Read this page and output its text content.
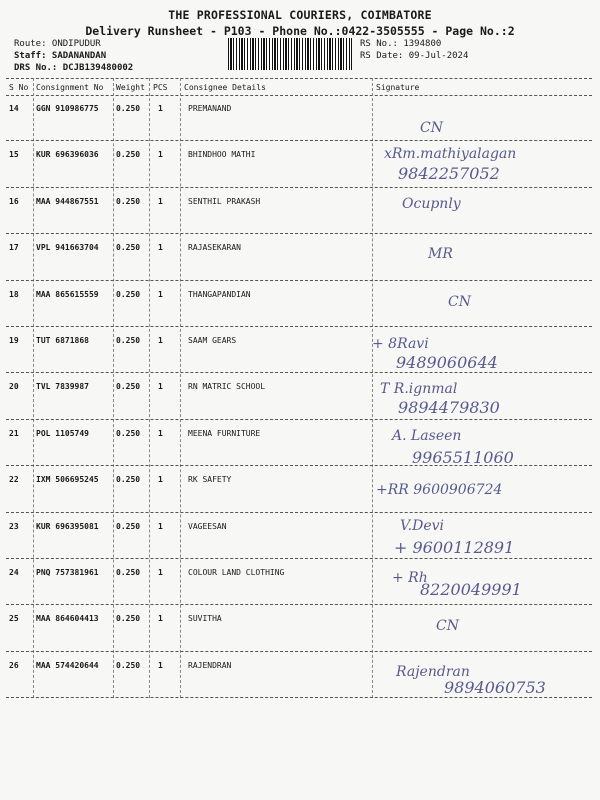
THE PROFESSIONAL COURIERS, COIMBATORE
Delivery Runsheet - P103 - Phone No.:0422-3505555 - Page No.:2
Route: ONDIPUDUR
Staff: SADANANDAN
DRS No.: DCJB139480002
RS No.: 1394800
RS Date: 09-Jul-2024
S No Consignment No Weight PCS Consignee Details	Signature
14 GGN 910986775 0.250 1	PREMANAND
CN
15 KUR 696396036 0.250 1	BHINDHOO MATHI	xRm.mathiyalagan
9842257052
16 MAA 944867551 0.250 1	SENTHIL PRAKASH	Ocupnly
17 VPL 941663704 0.250 1	RAJASEKARAN	MR
18 MAA 865615559 0.250 1	THANGAPANDIAN	CN
19 TUT 6871868	0.250 1	SAAM GEARS	+ 8Ravi
9489060644
20 TVL 7839987	0.250 1	RN MATRIC SCHOOL	T R.ignmal
9894479830
21 POL 1105749	0.250 1	MEENA FURNITURE	A. Laseen
9965511060
22 IXM 506695245 0.250 1	RK SAFETY
+RR 9600906724
23 KUR 696395081 0.250 1	VAGEESAN	V.Devi
+ 9600112891
24 PNQ 757381961 0.250 1	COLOUR LAND CLOTHING	+ Rh
8220049991
25 MAA 864604413 0.250 1	SUVITHA	CN
26 MAA 574420644 0.250 1	RAJENDRAN	Rajendran
9894060753
